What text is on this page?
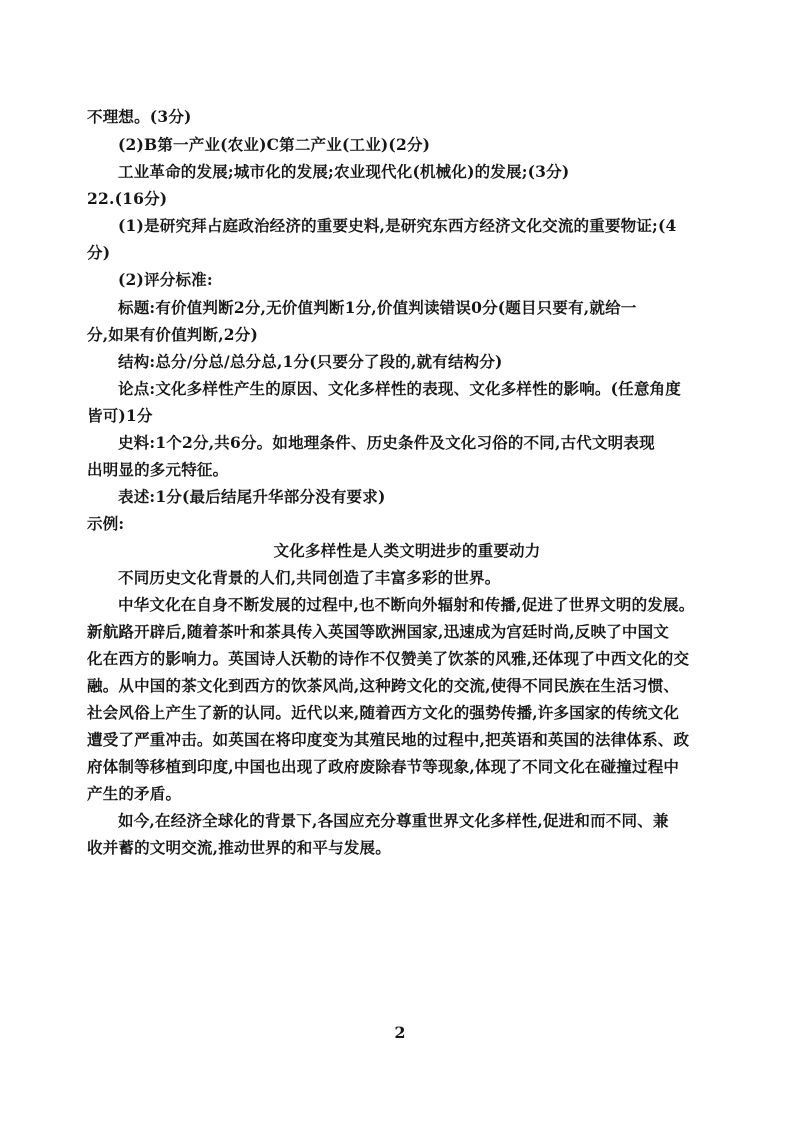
不理想。(3分)
(2)B第一产业(农业)C第二产业(工业)(2分)
工业革命的发展;城市化的发展;农业现代化(机械化)的发展;(3分)
22.(16分)
(1)是研究拜占庭政治经济的重要史料,是研究东西方经济文化交流的重要物证;(4
分)
(2)评分标准:
标题:有价值判断2分,无价值判断1分,价值判读错误0分(题目只要有,就给一
分,如果有价值判断,2分)
结构:总分/分总/总分总,1分(只要分了段的,就有结构分)
论点:文化多样性产生的原因、文化多样性的表现、文化多样性的影响。(任意角度
皆可)1分
史料:1个2分,共6分。如地理条件、历史条件及文化习俗的不同,古代文明表现
出明显的多元特征。
表述:1分(最后结尾升华部分没有要求)
示例:
文化多样性是人类文明进步的重要动力
不同历史文化背景的人们,共同创造了丰富多彩的世界。
中华文化在自身不断发展的过程中,也不断向外辐射和传播,促进了世界文明的发展。
新航路开辟后,随着茶叶和茶具传入英国等欧洲国家,迅速成为宫廷时尚,反映了中国文
化在西方的影响力。英国诗人沃勒的诗作不仅赞美了饮茶的风雅,还体现了中西文化的交
融。从中国的茶文化到西方的饮茶风尚,这种跨文化的交流,使得不同民族在生活习惯、
社会风俗上产生了新的认同。近代以来,随着西方文化的强势传播,许多国家的传统文化
遭受了严重冲击。如英国在将印度变为其殖民地的过程中,把英语和英国的法律体系、政
府体制等移植到印度,中国也出现了政府废除春节等现象,体现了不同文化在碰撞过程中
产生的矛盾。
如今,在经济全球化的背景下,各国应充分尊重世界文化多样性,促进和而不同、兼
收并蓄的文明交流,推动世界的和平与发展。
2
